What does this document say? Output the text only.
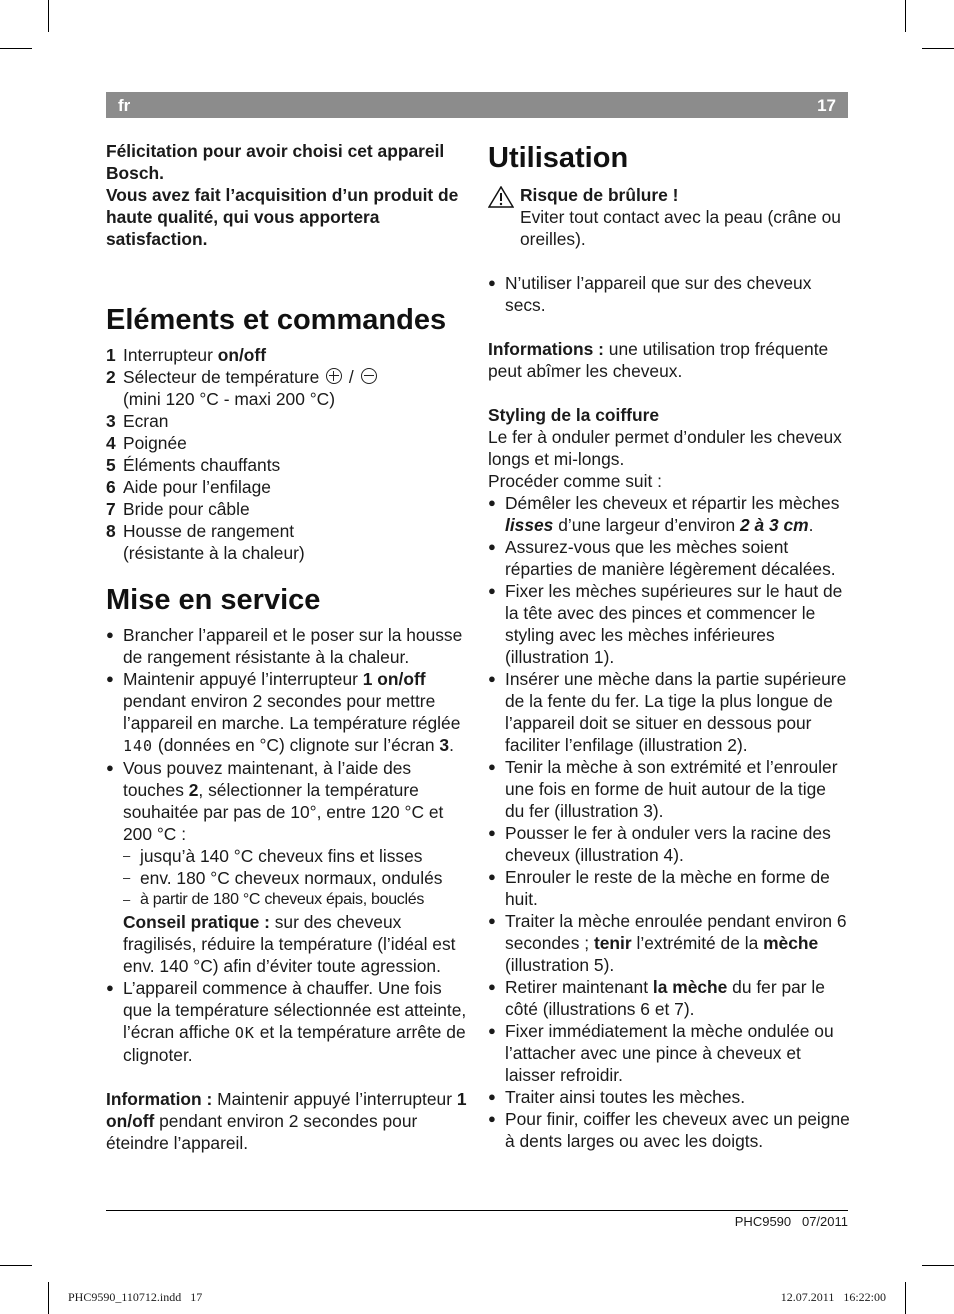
fr	17

Félicitation pour avoir choisi cet appareil Bosch.

Vous avez fait l’acquisition d’un produit de haute qualité, qui vous apportera satisfaction.

Eléments et commandes
1 Interrupteur on/off
2 Sélecteur de température  /
(mini 120 °C - maxi 200 °C)
3 Ecran
4 Poignée
5 Éléments chauffants
6 Aide pour l’enfilage
7 Bride pour câble
8 Housse de rangement
(résistante à la chaleur)
Mise en service
● Brancher l’appareil et le poser sur la housse de rangement résistante à la chaleur.
● Maintenir appuyé l’interrupteur 1 on/off pendant environ 2 secondes pour mettre l’appareil en marche. La température réglée 140 (données en °C) clignote sur l’écran 3.
● Vous pouvez maintenant, à l’aide des touches 2, sélectionner la température souhaitée par pas de 10°, entre 120 °C et 200 °C :
– jusqu’à 140 °C cheveux fins et lisses
– env. 180 °C cheveux normaux, ondulés
– à partir de 180 °C cheveux épais, bouclés
Conseil pratique : sur des cheveux fragilisés, réduire la température (l’idéal est env. 140 °C) afin d’éviter toute agression.
● L’appareil commence à chauffer. Une fois que la température sélectionnée est atteinte, l’écran affiche OK et la température arrête de clignoter.

Information : Maintenir appuyé l’interrupteur 1 on/off pendant environ 2 secondes pour éteindre l’appareil.

Utilisation
Risque de brûlure !
Eviter tout contact avec la peau (crâne ou oreilles).
● N’utiliser l’appareil que sur des cheveux secs.

Informations : une utilisation trop fréquente peut abîmer les cheveux.

Styling de la coiffure

Le fer à onduler permet d’onduler les cheveux longs et mi-longs.

Procéder comme suit :

● Démêler les cheveux et répartir les mèches lisses d’une largeur d’environ 2 à 3 cm.
● Assurez-vous que les mèches soient réparties de manière légèrement décalées.
● Fixer les mèches supérieures sur le haut de la tête avec des pinces et commencer le styling avec les mèches inférieures (illustration 1).
● Insérer une mèche dans la partie supérieure de la fente du fer. La tige la plus longue de l’appareil doit se situer en dessous pour faciliter l’enfilage (illustration 2).
● Tenir la mèche à son extrémité et l’enrouler une fois en forme de huit autour de la tige du fer (illustration 3).
● Pousser le fer à onduler vers la racine des cheveux (illustration 4).
● Enrouler le reste de la mèche en forme de huit.
● Traiter la mèche enroulée pendant environ 6 secondes ; tenir l’extrémité de la mèche (illustration 5).
● Retirer maintenant la mèche du fer par le côté (illustrations 6 et 7).
● Fixer immédiatement la mèche ondulée ou l’attacher avec une pince à cheveux et laisser refroidir.
● Traiter ainsi toutes les mèches.
● Pour finir, coiffer les cheveux avec un peigne à dents larges ou avec les doigts.
PHC9590   07/2011
PHC9590_110712.indd   17	12.07.2011   16:22:00
